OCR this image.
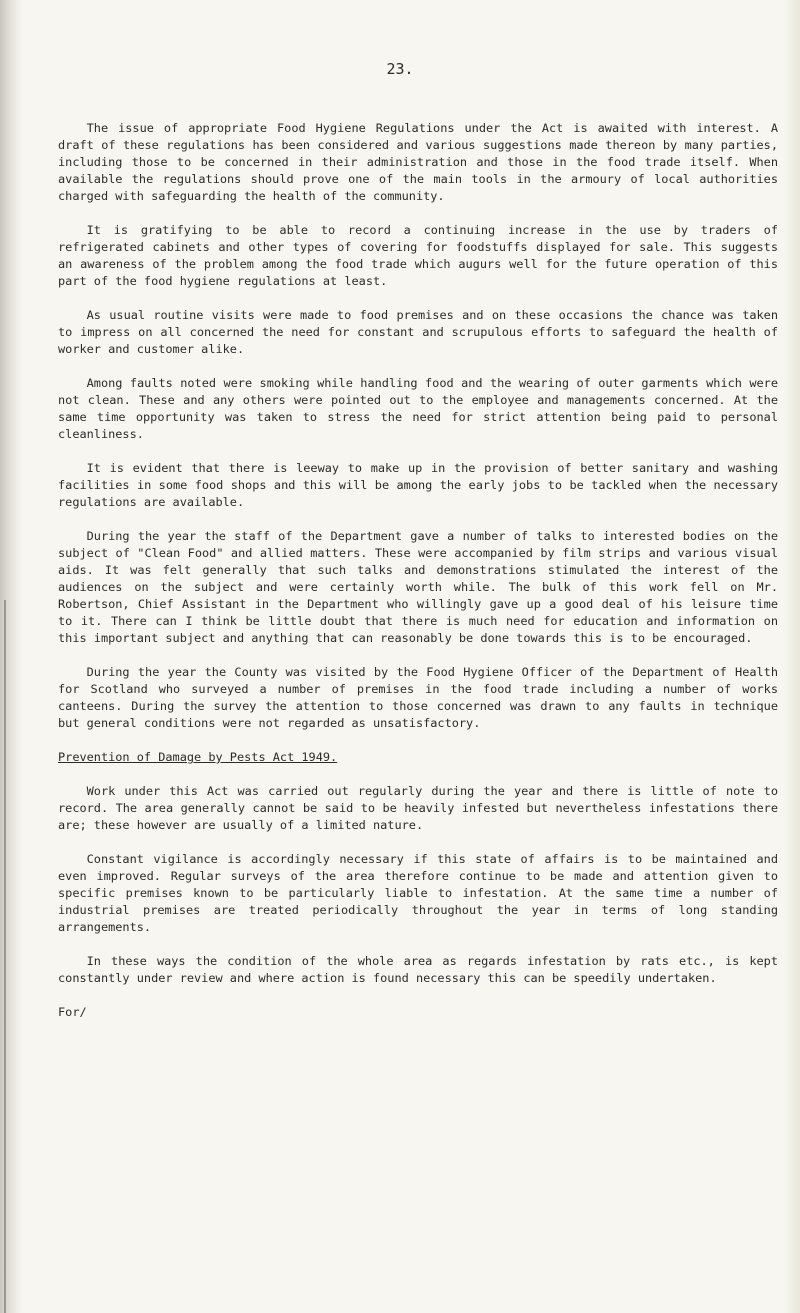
23.

The issue of appropriate Food Hygiene Regulations under the Act is awaited with interest. A draft of these regulations has been considered and various suggestions made thereon by many parties, including those to be concerned in their administration and those in the food trade itself. When available the regulations should prove one of the main tools in the armoury of local authorities charged with safeguarding the health of the community.

It is gratifying to be able to record a continuing increase in the use by traders of refrigerated cabinets and other types of covering for foodstuffs displayed for sale. This suggests an awareness of the problem among the food trade which augurs well for the future operation of this part of the food hygiene regulations at least.

As usual routine visits were made to food premises and on these occasions the chance was taken to impress on all concerned the need for constant and scrupulous efforts to safeguard the health of worker and customer alike.

Among faults noted were smoking while handling food and the wearing of outer garments which were not clean. These and any others were pointed out to the employee and managements concerned. At the same time opportunity was taken to stress the need for strict attention being paid to personal cleanliness.

It is evident that there is leeway to make up in the provision of better sanitary and washing facilities in some food shops and this will be among the early jobs to be tackled when the necessary regulations are available.

During the year the staff of the Department gave a number of talks to interested bodies on the subject of "Clean Food" and allied matters. These were accompanied by film strips and various visual aids. It was felt generally that such talks and demonstrations stimulated the interest of the audiences on the subject and were certainly worth while. The bulk of this work fell on Mr. Robertson, Chief Assistant in the Department who willingly gave up a good deal of his leisure time to it. There can I think be little doubt that there is much need for education and information on this important subject and anything that can reasonably be done towards this is to be encouraged.

During the year the County was visited by the Food Hygiene Officer of the Department of Health for Scotland who surveyed a number of premises in the food trade including a number of works canteens. During the survey the attention to those concerned was drawn to any faults in technique but general conditions were not regarded as unsatisfactory.

Prevention of Damage by Pests Act 1949.

Work under this Act was carried out regularly during the year and there is little of note to record. The area generally cannot be said to be heavily infested but nevertheless infestations there are; these however are usually of a limited nature.

Constant vigilance is accordingly necessary if this state of affairs is to be maintained and even improved. Regular surveys of the area therefore continue to be made and attention given to specific premises known to be particularly liable to infestation. At the same time a number of industrial premises are treated periodically throughout the year in terms of long standing arrangements.

In these ways the condition of the whole area as regards infestation by rats etc., is kept constantly under review and where action is found necessary this can be speedily undertaken.

For/
